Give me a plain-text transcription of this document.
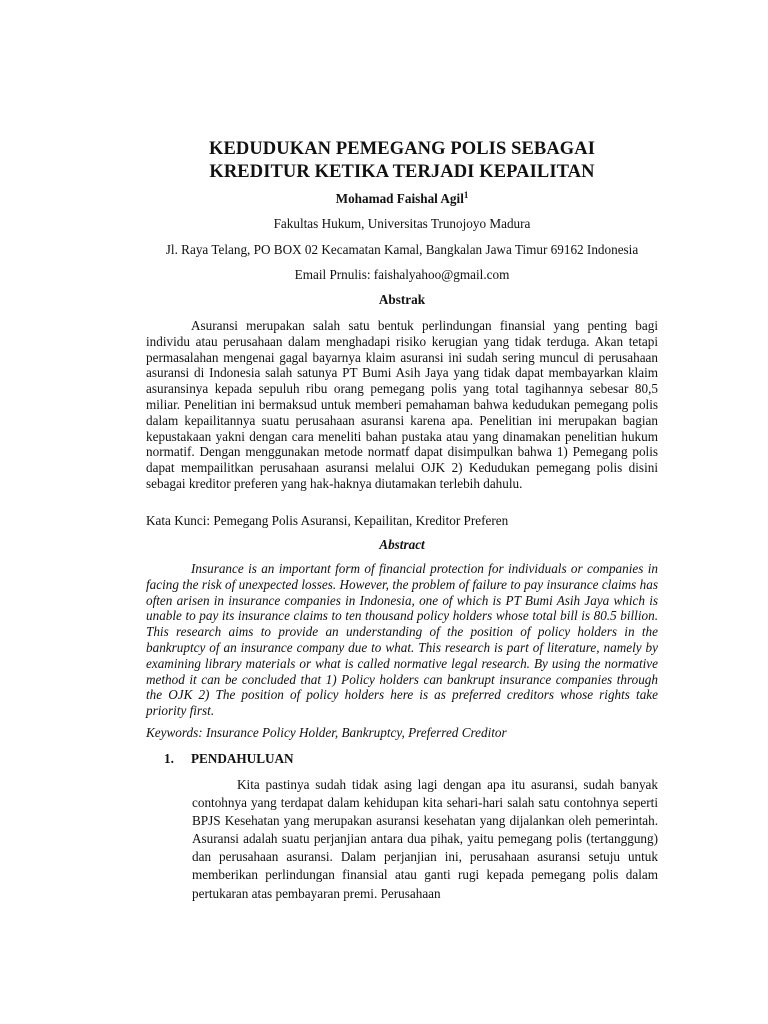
KEDUDUKAN PEMEGANG POLIS SEBAGAI
KREDITUR KETIKA TERJADI KEPAILITAN
Mohamad Faishal Agil$^1$
Fakultas Hukum, Universitas Trunojoyo Madura
Jl. Raya Telang, PO BOX 02 Kecamatan Kamal, Bangkalan Jawa Timur 69162 Indonesia
Email Prnulis: faishalyahoo@gmail.com
Abstrak

Asuransi merupakan salah satu bentuk perlindungan finansial yang penting bagi individu atau perusahaan dalam menghadapi risiko kerugian yang tidak terduga. Akan tetapi permasalahan mengenai gagal bayarnya klaim asuransi ini sudah sering muncul di perusahaan asuransi di Indonesia salah satunya PT Bumi Asih Jaya yang tidak dapat membayarkan klaim asuransinya kepada sepuluh ribu orang pemegang polis yang total tagihannya sebesar 80,5 miliar. Penelitian ini bermaksud untuk memberi pemahaman bahwa kedudukan pemegang polis dalam kepailitannya suatu perusahaan asuransi karena apa. Penelitian ini merupakan bagian kepustakaan yakni dengan cara meneliti bahan pustaka atau yang dinamakan penelitian hukum normatif. Dengan menggunakan metode normatf dapat disimpulkan bahwa 1) Pemegang polis dapat mempailitkan perusahaan asuransi melalui OJK 2) Kedudukan pemegang polis disini sebagai kreditor preferen yang hak-haknya diutamakan terlebih dahulu.

Kata Kunci: Pemegang Polis Asuransi, Kepailitan, Kreditor Preferen
Abstract

Insurance is an important form of financial protection for individuals or companies in facing the risk of unexpected losses. However, the problem of failure to pay insurance claims has often arisen in insurance companies in Indonesia, one of which is PT Bumi Asih Jaya which is unable to pay its insurance claims to ten thousand policy holders whose total bill is 80.5 billion. This research aims to provide an understanding of the position of policy holders in the bankruptcy of an insurance company due to what. This research is part of literature, namely by examining library materials or what is called normative legal research. By using the normative method it can be concluded that 1) Policy holders can bankrupt insurance companies through the OJK 2) The position of policy holders here is as preferred creditors whose rights take priority first.

Keywords: Insurance Policy Holder, Bankruptcy, Preferred Creditor
1. PENDAHULUAN

Kita pastinya sudah tidak asing lagi dengan apa itu asuransi, sudah banyak contohnya yang terdapat dalam kehidupan kita sehari-hari salah satu contohnya seperti BPJS Kesehatan yang merupakan asuransi kesehatan yang dijalankan oleh pemerintah. Asuransi adalah suatu perjanjian antara dua pihak, yaitu pemegang polis (tertanggung) dan perusahaan asuransi. Dalam perjanjian ini, perusahaan asuransi setuju untuk memberikan perlindungan finansial atau ganti rugi kepada pemegang polis dalam pertukaran atas pembayaran premi. Perusahaan
